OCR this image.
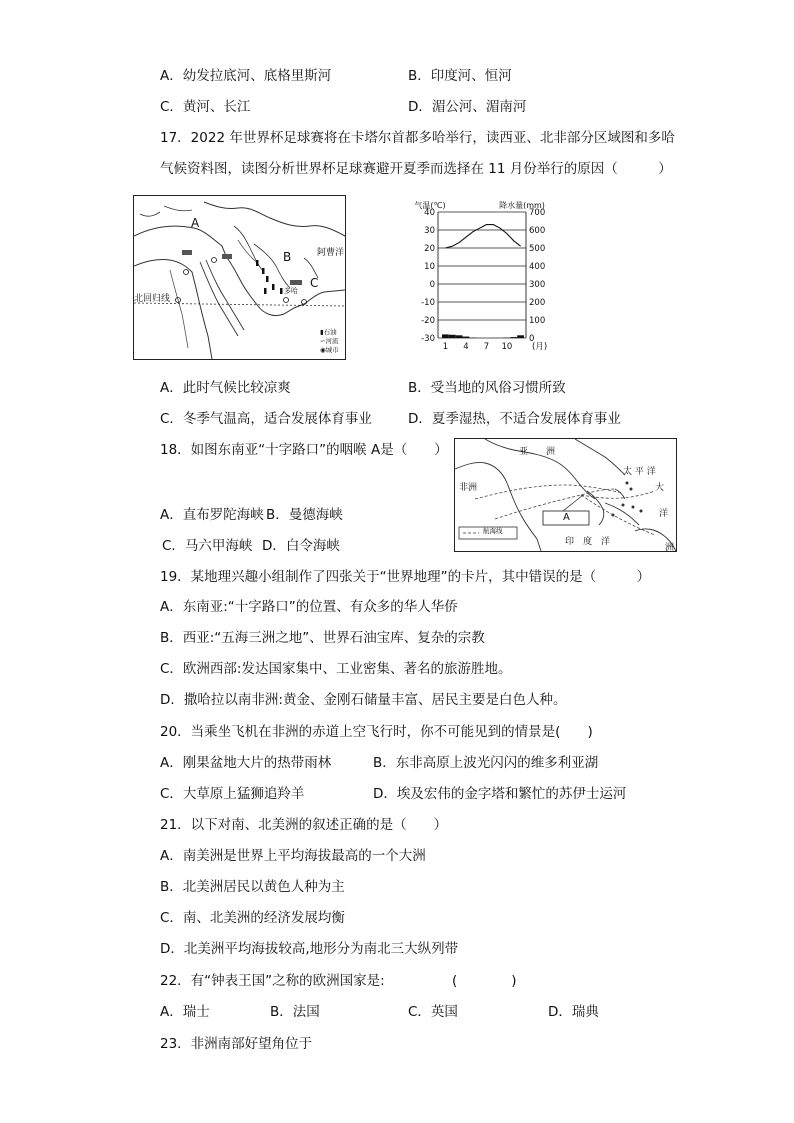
A．幼发拉底河、底格里斯河	B．印度河、恒河
C．黄河、长江	D．湄公河、湄南河
17．2022 年世界杯足球赛将在卡塔尔首都多哈举行，读西亚、北非部分区域图和多哈
气候资料图，读图分析世界杯足球赛避开夏季而选择在 11 月份举行的原因（　　　）
A
B
C
北回归线
阿曹洋
多哈
▮石油
∽河流
◉城市
40
30
20
10
0
-10
-20
-30
700
600
500
400
300
200
100
0
气温(℃)	降水量(mm)
1 4 7 10 (月)
A．此时气候比较凉爽	B．受当地的风俗习惯所致
C．冬季气温高，适合发展体育事业	D．夏季湿热，不适合发展体育事业
18．如图东南亚“十字路口”的咽喉 A是（　　）	亚　　洲
非洲
太 平 洋
大
洋
印　度　洋
洲
A
航海线
A．直布罗陀海峡 B．曼德海峡
C．马六甲海峡 D．白令海峡
19．某地理兴趣小组制作了四张关于“世界地理”的卡片，其中错误的是（　　　）
A．东南亚:“十字路口”的位置、有众多的华人华侨
B．西亚:“五海三洲之地”、世界石油宝库、复杂的宗教
C．欧洲西部:发达国家集中、工业密集、著名的旅游胜地。
D．撒哈拉以南非洲:黄金、金刚石储量丰富、居民主要是白色人种。
20．当乘坐飞机在非洲的赤道上空飞行时，你不可能见到的情景是(　　)
A．刚果盆地大片的热带雨林	B．东非高原上波光闪闪的维多利亚湖
C．大草原上猛狮追羚羊	D．埃及宏伟的金字塔和繁忙的苏伊士运河
21．以下对南、北美洲的叙述正确的是（　　）
A．南美洲是世界上平均海拔最高的一个大洲
B．北美洲居民以黄色人种为主
C．南、北美洲的经济发展均衡
D．北美洲平均海拔较高,地形分为南北三大纵列带
22．有“钟表王国”之称的欧洲国家是:	(　　　　)
A．瑞士	B．法国	C．英国	D．瑞典
23．非洲南部好望角位于
